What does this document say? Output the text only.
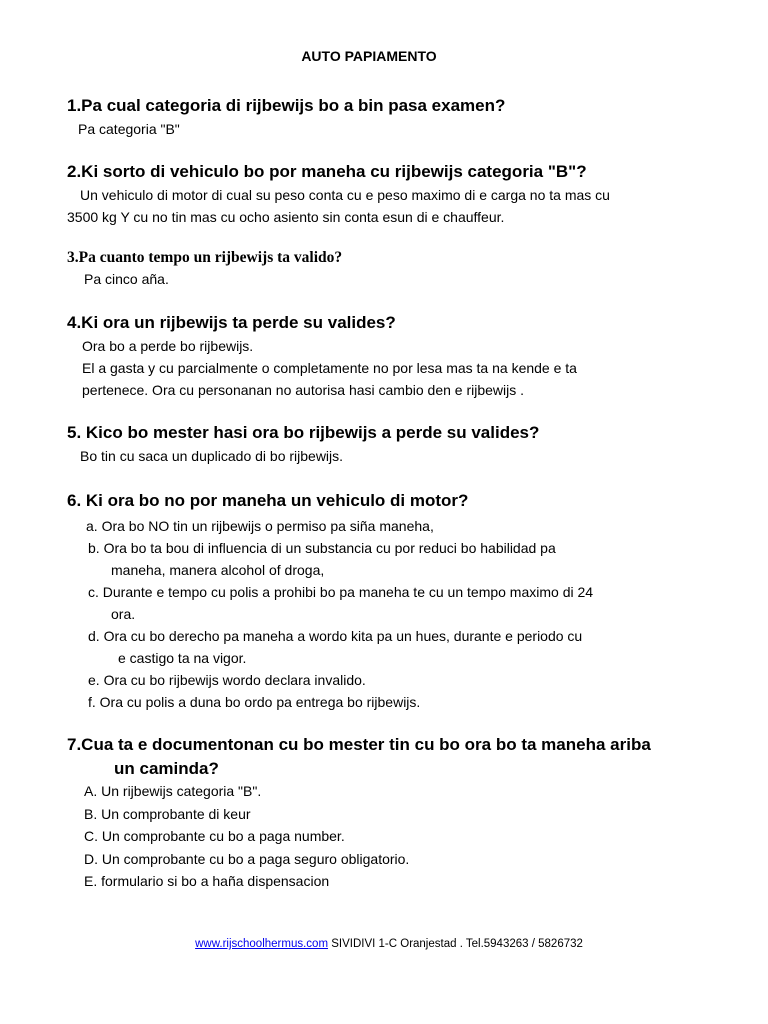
AUTO PAPIAMENTO
1.Pa cual categoria di rijbewijs bo a bin pasa examen?
Pa categoria "B"
2.Ki sorto di vehiculo bo por maneha cu rijbewijs categoria "B"?
Un vehiculo di motor di cual su peso conta cu e peso maximo di e carga no ta mas cu
3500 kg Y cu no tin mas cu ocho asiento sin conta esun di e chauffeur.
3.Pa cuanto tempo un rijbewijs ta valido?
Pa cinco aña.
4.Ki ora un rijbewijs ta perde su valides?
Ora bo a perde bo rijbewijs.
El a gasta y cu parcialmente o completamente no por lesa mas ta na kende e ta
pertenece. Ora cu personanan no autorisa hasi cambio den e rijbewijs .
5. Kico bo mester hasi ora bo rijbewijs a perde su valides?
Bo tin cu saca un duplicado di bo rijbewijs.
6. Ki ora bo no por maneha un vehiculo di motor?
a. Ora bo NO tin un rijbewijs o permiso pa siña maneha,
b. Ora bo ta bou di influencia di un substancia cu por reduci bo habilidad pa
maneha, manera alcohol of droga,
c. Durante e tempo cu polis a prohibi bo pa maneha te cu un tempo maximo di 24
ora.
d. Ora cu bo derecho pa maneha a wordo kita pa un hues, durante e periodo cu
e castigo ta na vigor.
e. Ora cu bo rijbewijs wordo declara invalido.
f. Ora cu polis a duna bo ordo pa entrega bo rijbewijs.
7.Cua ta e documentonan cu bo mester tin cu bo ora bo ta maneha ariba
un caminda?
A. Un rijbewijs categoria "B".
B. Un comprobante di keur
C. Un comprobante cu bo a paga number.
D. Un comprobante cu bo a paga seguro obligatorio.
E. formulario si bo a haña dispensacion
www.rijschoolhermus.com SIVIDIVI 1-C Oranjestad . Tel.5943263 / 5826732
